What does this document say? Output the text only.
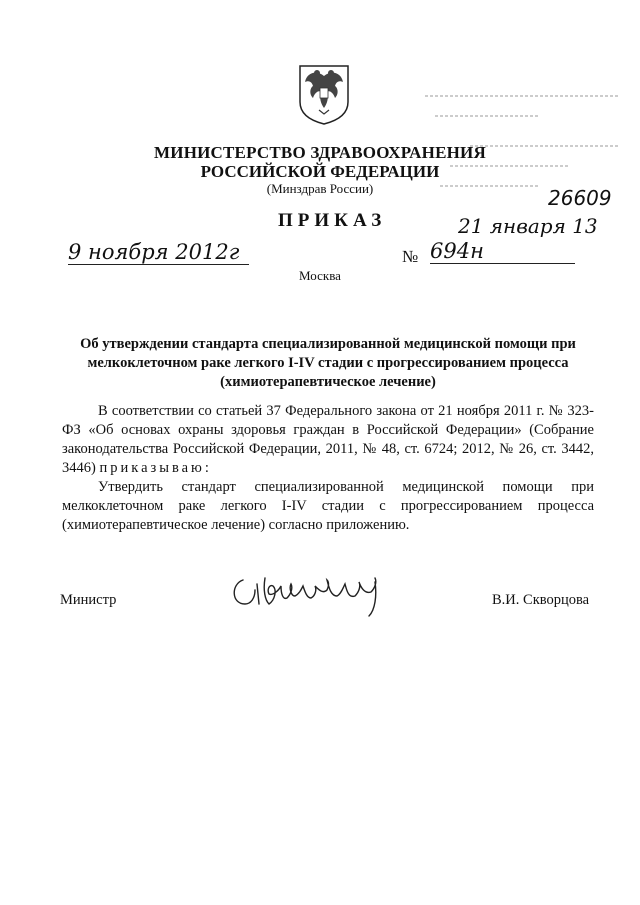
МИНИСТЕРСТВО ЗДРАВООХРАНЕНИЯ
РОССИЙСКОЙ ФЕДЕРАЦИИ
(Минздрав России)
ПРИКАЗ
26609
21 января 13
9 ноября 2012г	№ 694н
Москва
Об утверждении стандарта специализированной медицинской помощи при мелкоклеточном раке легкого I-IV стадии с прогрессированием процесса (химиотерапевтическое лечение)

В соответствии со статьей 37 Федерального закона от 21 ноября 2011 г. № 323-ФЗ «Об основах охраны здоровья граждан в Российской Федерации» (Собрание законодательства Российской Федерации, 2011, № 48, ст. 6724; 2012, № 26, ст. 3442, 3446) приказываю:

Утвердить стандарт специализированной медицинской помощи при мелкоклеточном раке легкого I-IV стадии с прогрессированием процесса (химиотерапевтическое лечение) согласно приложению.

Министр	В.И. Скворцова
